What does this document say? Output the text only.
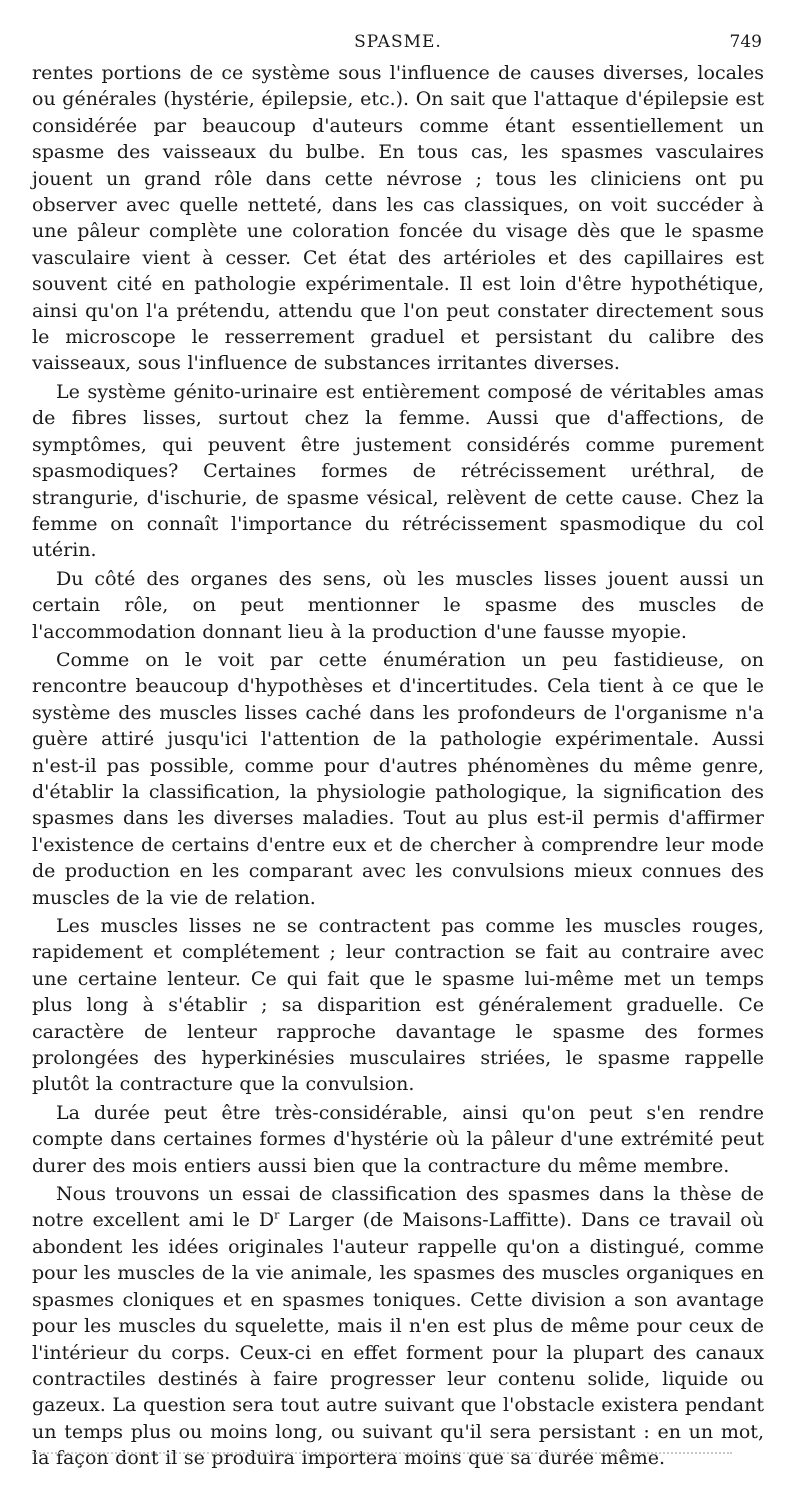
SPASME.	749

rentes portions de ce système sous l'influence de causes diverses, locales ou générales (hystérie, épilepsie, etc.). On sait que l'attaque d'épilepsie est considérée par beaucoup d'auteurs comme étant essentiellement un spasme des vaisseaux du bulbe. En tous cas, les spasmes vasculaires jouent un grand rôle dans cette névrose ; tous les cliniciens ont pu observer avec quelle netteté, dans les cas classiques, on voit succéder à une pâleur complète une coloration foncée du visage dès que le spasme vasculaire vient à cesser. Cet état des artérioles et des capillaires est souvent cité en pathologie expérimentale. Il est loin d'être hypothétique, ainsi qu'on l'a prétendu, attendu que l'on peut constater directement sous le microscope le resserrement graduel et persistant du calibre des vaisseaux, sous l'influence de substances irritantes diverses.

Le système génito-urinaire est entièrement composé de véritables amas de fibres lisses, surtout chez la femme. Aussi que d'affections, de symptômes, qui peuvent être justement considérés comme purement spasmodiques? Certaines formes de rétrécissement uréthral, de strangurie, d'ischurie, de spasme vésical, relèvent de cette cause. Chez la femme on connaît l'importance du rétrécissement spasmodique du col utérin.

Du côté des organes des sens, où les muscles lisses jouent aussi un certain rôle, on peut mentionner le spasme des muscles de l'accommodation donnant lieu à la production d'une fausse myopie.

Comme on le voit par cette énumération un peu fastidieuse, on rencontre beaucoup d'hypothèses et d'incertitudes. Cela tient à ce que le système des muscles lisses caché dans les profondeurs de l'organisme n'a guère attiré jusqu'ici l'attention de la pathologie expérimentale. Aussi n'est-il pas possible, comme pour d'autres phénomènes du même genre, d'établir la classification, la physiologie pathologique, la signification des spasmes dans les diverses maladies. Tout au plus est-il permis d'affirmer l'existence de certains d'entre eux et de chercher à comprendre leur mode de production en les comparant avec les convulsions mieux connues des muscles de la vie de relation.

Les muscles lisses ne se contractent pas comme les muscles rouges, rapidement et complétement ; leur contraction se fait au contraire avec une certaine lenteur. Ce qui fait que le spasme lui-même met un temps plus long à s'établir ; sa disparition est généralement graduelle. Ce caractère de lenteur rapproche davantage le spasme des formes prolongées des hyperkinésies musculaires striées, le spasme rappelle plutôt la contracture que la convulsion.

La durée peut être très-considérable, ainsi qu'on peut s'en rendre compte dans certaines formes d'hystérie où la pâleur d'une extrémité peut durer des mois entiers aussi bien que la contracture du même membre.

Nous trouvons un essai de classification des spasmes dans la thèse de notre excellent ami le $D^r$ Larger (de Maisons-Laffitte). Dans ce travail où abondent les idées originales l'auteur rappelle qu'on a distingué, comme pour les muscles de la vie animale, les spasmes des muscles organiques en spasmes cloniques et en spasmes toniques. Cette division a son avantage pour les muscles du squelette, mais il n'en est plus de même pour ceux de l'intérieur du corps. Ceux-ci en effet forment pour la plupart des canaux contractiles destinés à faire progresser leur contenu solide, liquide ou gazeux. La question sera tout autre suivant que l'obstacle existera pendant un temps plus ou moins long, ou suivant qu'il sera persistant : en un mot, la façon dont il se produira importera moins que sa durée même.
